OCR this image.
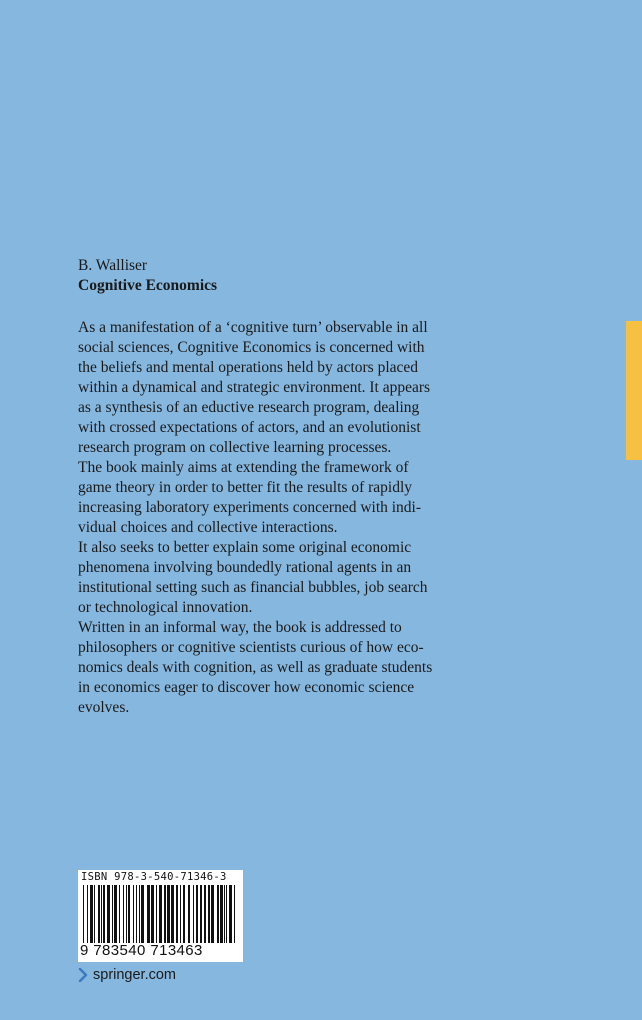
B. Walliser
Cognitive Economics

As a manifestation of a ‘cognitive turn’ observable in all
social sciences, Cognitive Economics is concerned with
the beliefs and mental operations held by actors placed
within a dynamical and strategic environment. It appears
as a synthesis of an eductive research program, dealing
with crossed expectations of actors, and an evolutionist
research program on collective learning processes.

The book mainly aims at extending the framework of
game theory in order to better fit the results of rapidly
increasing laboratory experiments concerned with indi-
vidual choices and collective interactions.

It also seeks to better explain some original economic
phenomena involving boundedly rational agents in an
institutional setting such as financial bubbles, job search
or technological innovation.

Written in an informal way, the book is addressed to
philosophers or cognitive scientists curious of how eco-
nomics deals with cognition, as well as graduate students
in economics eager to discover how economic science
evolves.

ISBN 978-3-540-71346-3
9 783540 713463
springer.com
